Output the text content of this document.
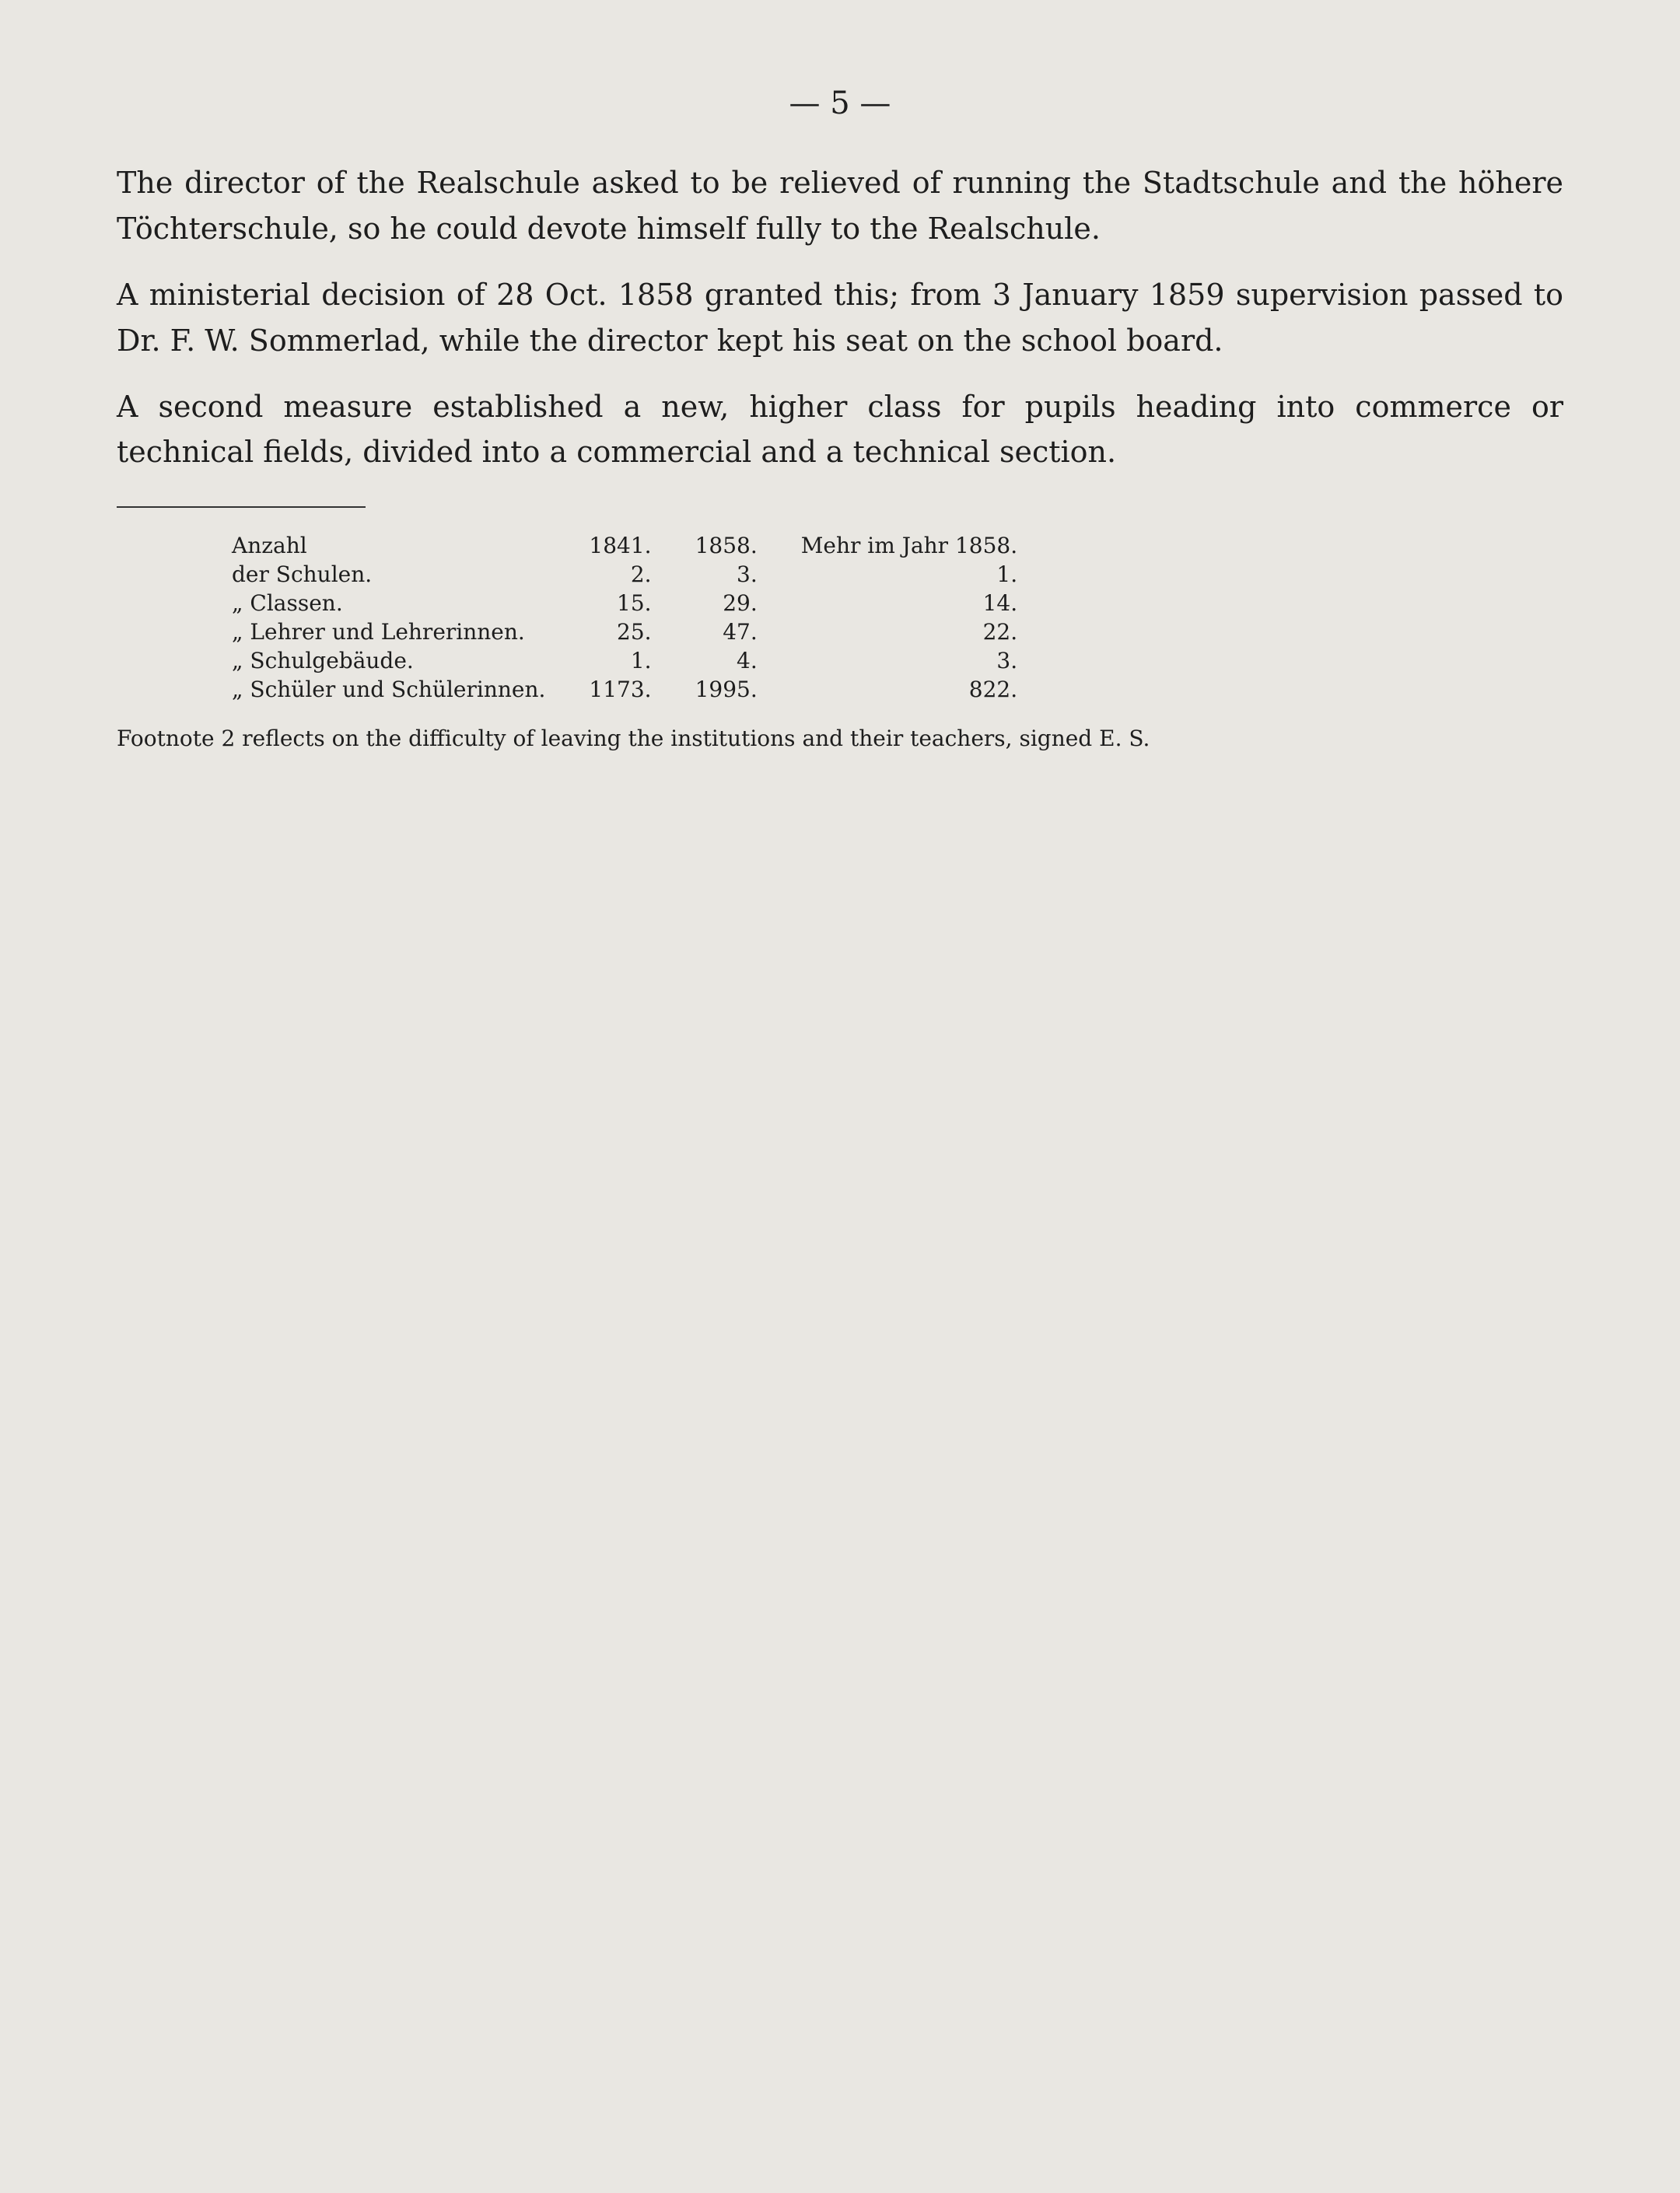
— 5 —

The director of the Realschule asked to be relieved of running the Stadtschule and the höhere Töchterschule, so he could devote himself fully to the Realschule.

A ministerial decision of 28 Oct. 1858 granted this; from 3 January 1859 supervision passed to Dr. F. W. Sommerlad, while the director kept his seat on the school board.

A second measure established a new, higher class for pupils heading into commerce or technical fields, divided into a commercial and a technical section.

Anzahl	1841.	1858.	Mehr im Jahr 1858.
der Schulen.	2.	3.	1.
„ Classen.	15.	29.	14.
„ Lehrer und Lehrerinnen.	25.	47.	22.
„ Schulgebäude.	1.	4.	3.
„ Schüler und Schülerinnen.	1173.	1995.	822.

Footnote 2 reflects on the difficulty of leaving the institutions and their teachers, signed E. S.
